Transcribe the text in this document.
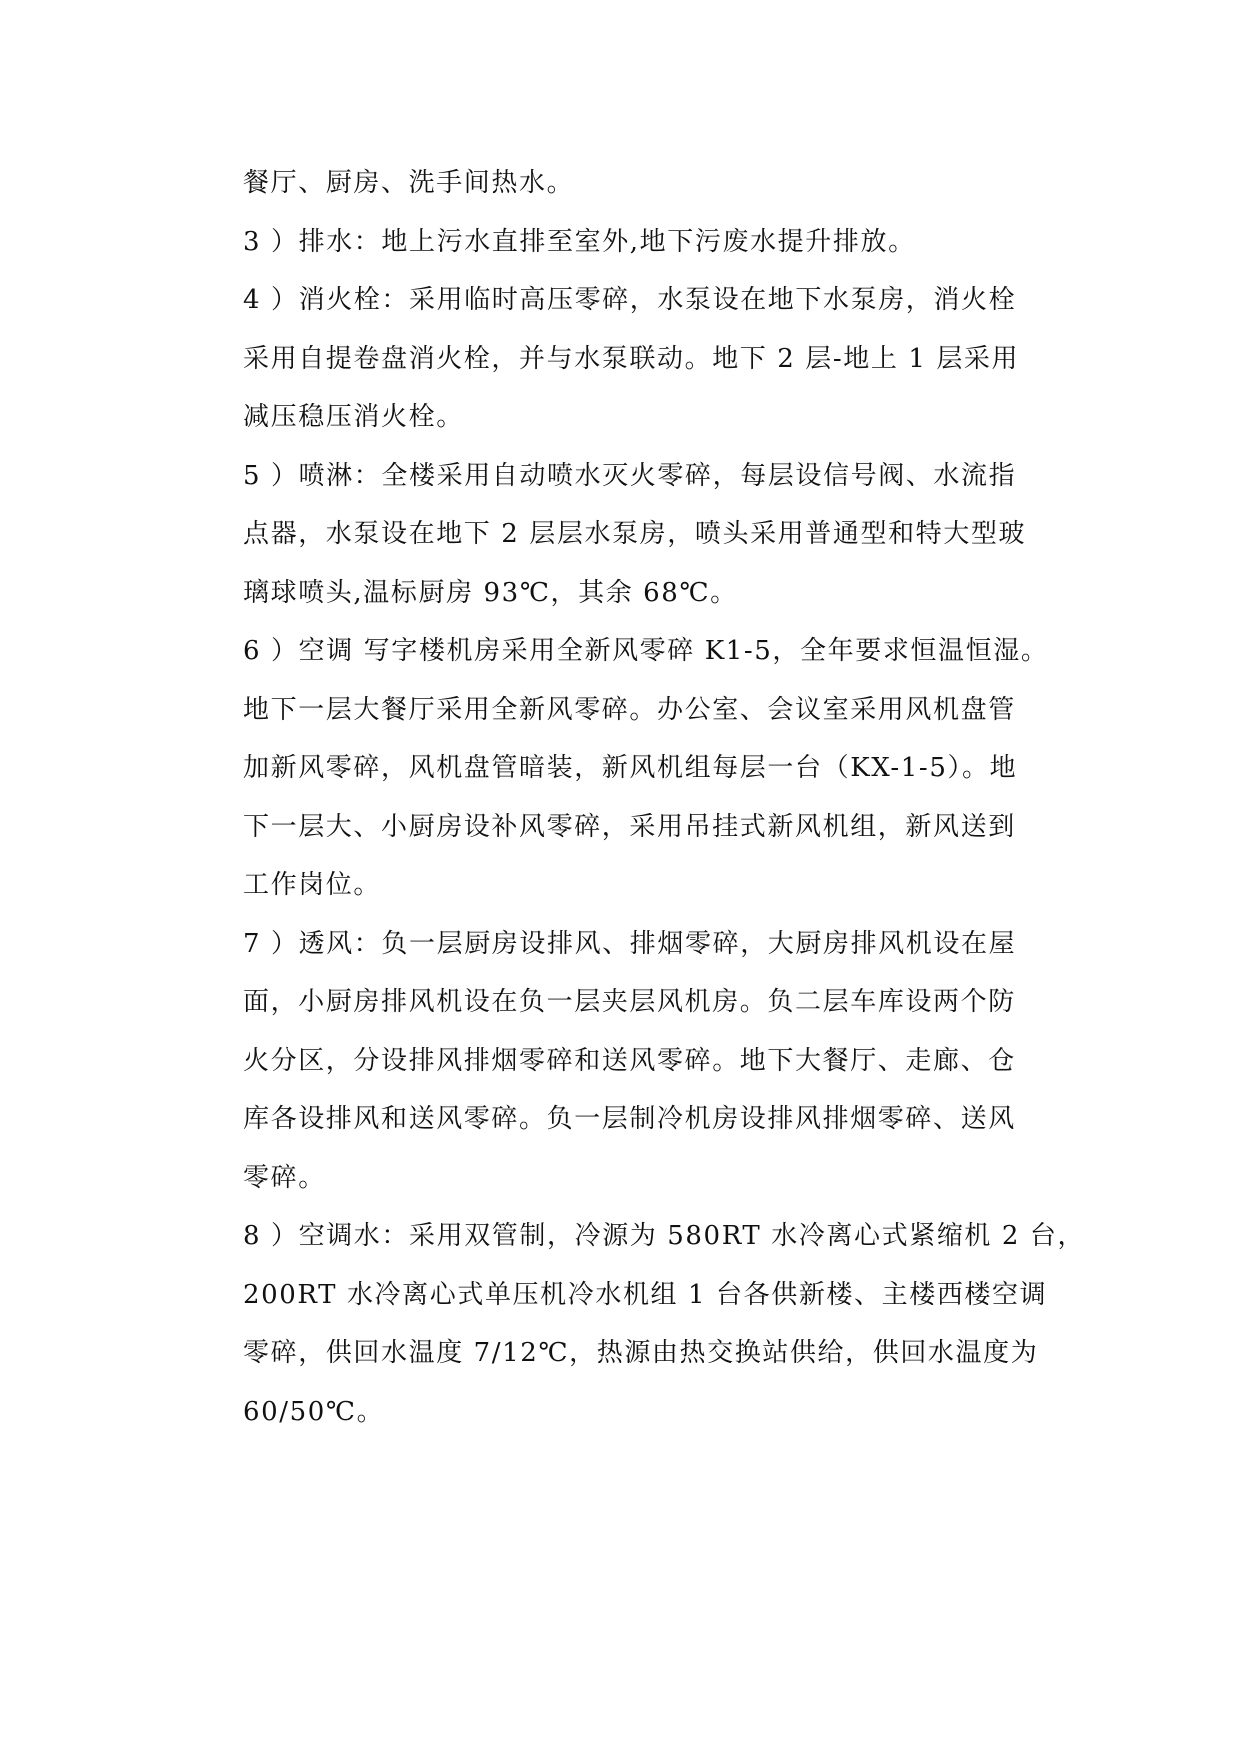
餐厅、厨房、洗手间热水。
3 ）排水：地上污水直排至室外,地下污废水提升排放。
4 ）消火栓：采用临时高压零碎，水泵设在地下水泵房，消火栓
采用自提卷盘消火栓，并与水泵联动。地下 2 层-地上 1 层采用
减压稳压消火栓。
5 ）喷淋：全楼采用自动喷水灭火零碎，每层设信号阀、水流指
点器，水泵设在地下 2 层层水泵房，喷头采用普通型和特大型玻
璃球喷头,温标厨房 93℃，其余 68℃。
6 ）空调 写字楼机房采用全新风零碎 K1-5，全年要求恒温恒湿。
地下一层大餐厅采用全新风零碎。办公室、会议室采用风机盘管
加新风零碎，风机盘管暗装，新风机组每层一台（KX-1-5）。地
下一层大、小厨房设补风零碎，采用吊挂式新风机组，新风送到
工作岗位。
7 ）透风：负一层厨房设排风、排烟零碎，大厨房排风机设在屋
面，小厨房排风机设在负一层夹层风机房。负二层车库设两个防
火分区，分设排风排烟零碎和送风零碎。地下大餐厅、走廊、仓
库各设排风和送风零碎。负一层制冷机房设排风排烟零碎、送风
零碎。
8 ）空调水：采用双管制，冷源为 580RT 水冷离心式紧缩机 2 台，
200RT 水冷离心式单压机冷水机组 1 台各供新楼、主楼西楼空调
零碎，供回水温度 7/12℃，热源由热交换站供给，供回水温度为
60/50℃。
